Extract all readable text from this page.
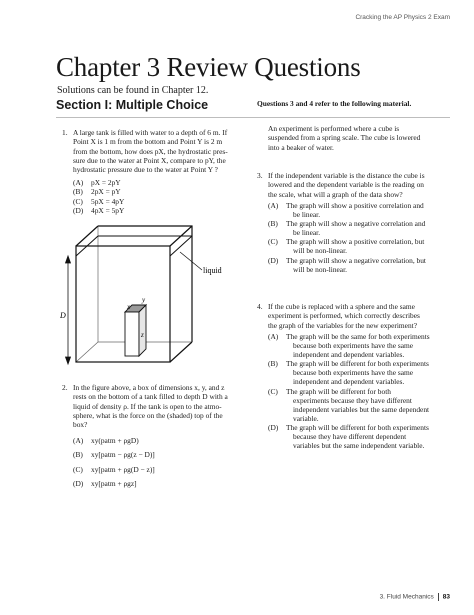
Cracking the AP Physics 2 Exam
Chapter 3 Review Questions
Solutions can be found in Chapter 12.
Section I: Multiple Choice
1. A large tank is filled with water to a depth of 6 m. If
Point X is 1 m from the bottom and Point Y is 2 m
from the bottom, how does pX, the hydrostatic pres-
sure due to the water at Point X, compare to pY, the
hydrostatic pressure due to the water at Point Y ?
(A) pX = 2pY
(B) 2pX = pY
(C) 5pX = 4pY
(D) 4pX = 5pY
liquid
y
x
z
D
2. In the figure above, a box of dimensions x, y, and z
rests on the bottom of a tank filled to depth D with a
liquid of density ρ. If the tank is open to the atmo-
sphere, what is the force on the (shaded) top of the
box?
(A) xy(patm + ρgD)
(B) xy[patm − ρg(z − D)]
(C) xy[patm + ρg(D − z)]
(D) xy[patm + ρgz]
Questions 3 and 4 refer to the following material.
An experiment is performed where a cube is
suspended from a spring scale. The cube is lowered
into a beaker of water.
3. If the independent variable is the distance the cube is
lowered and the dependent variable is the reading on
the scale, what will a graph of the data show?
(A) The graph will show a positive correlation and
be linear.
(B) The graph will show a negative correlation and
be linear.
(C) The graph will show a positive correlation, but
will be non-linear.
(D) The graph will show a negative correlation, but
will be non-linear.
4. If the cube is replaced with a sphere and the same
experiment is performed, which correctly describes
the graph of the variables for the new experiment?
(A) The graph will be the same for both experiments
because both experiments have the same
independent and dependent variables.
(B) The graph will be different for both experiments
because both experiments have the same
independent and dependent variables.
(C) The graph will be different for both
experiments because they have different
independent variables but the same dependent
variable.
(D) The graph will be different for both experiments
because they have different dependent
variables but the same independent variable.
3. Fluid Mechanics 83
